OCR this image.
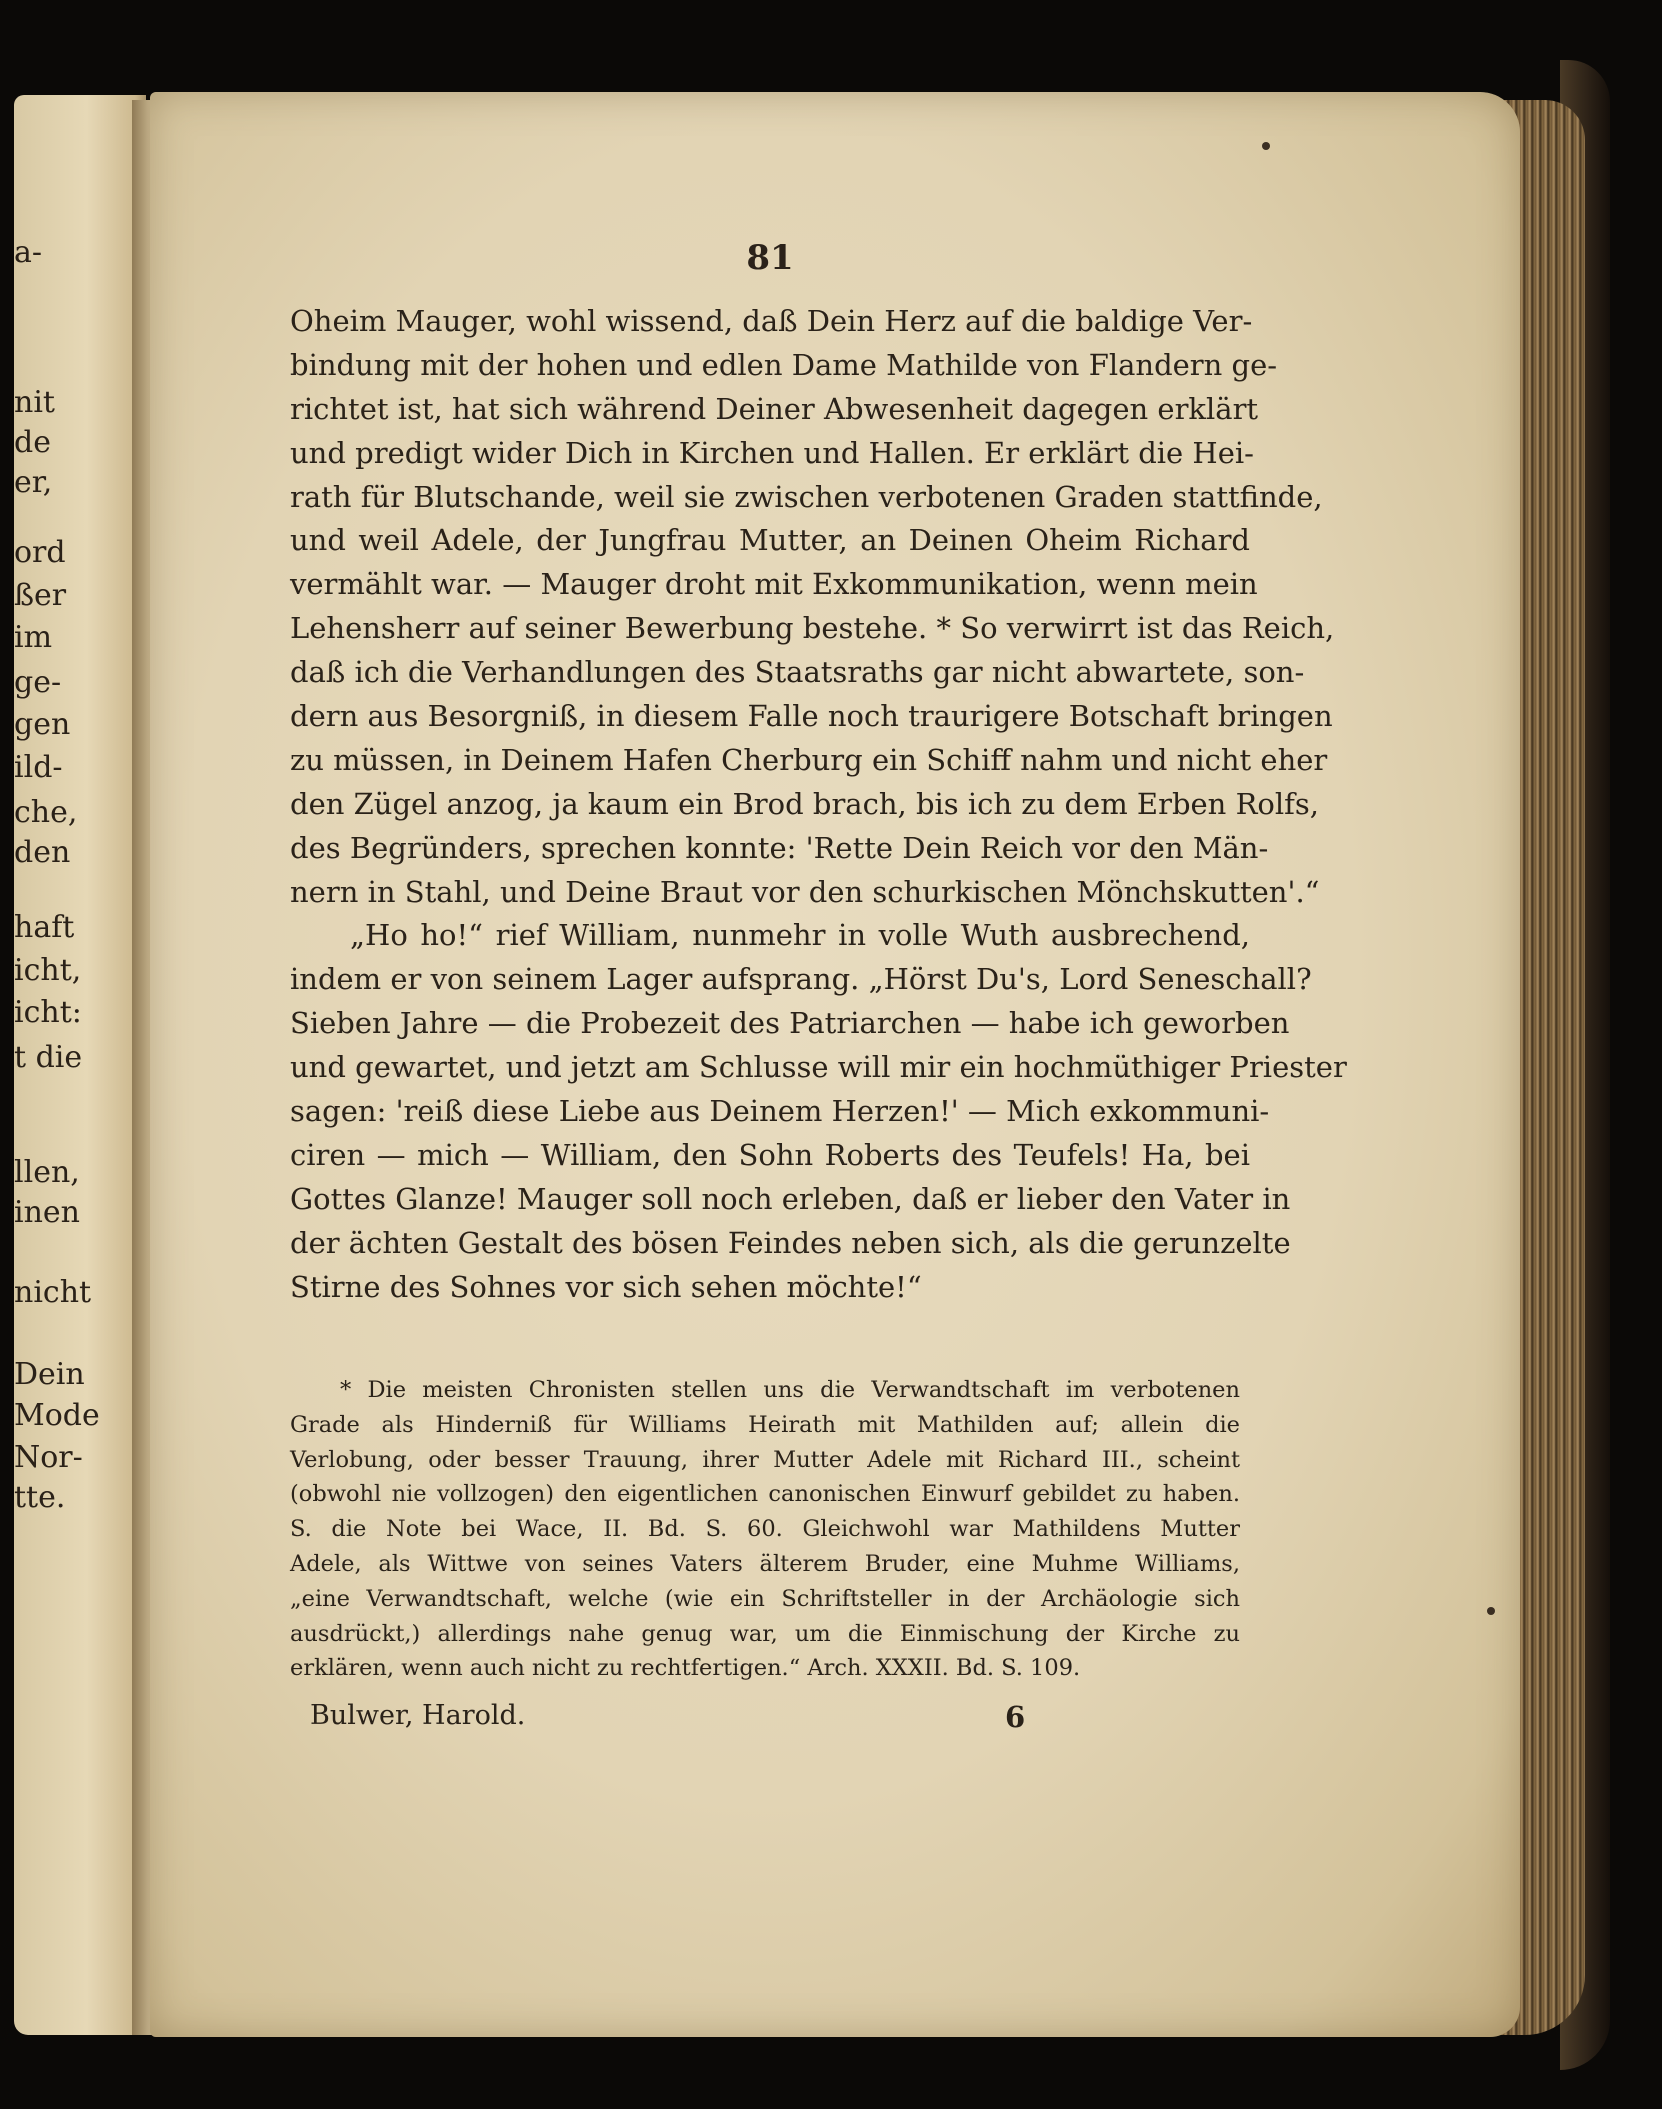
a-
nit
de
er,
ord
ßer
im
ge-
gen
ild-
che,
den
haft
icht,
icht:
t die
llen,
inen
nicht
Dein
Mode
Nor-
tte.
81
Oheim Mauger, wohl wissend, daß Dein Herz auf die baldige Ver-
bindung mit der hohen und edlen Dame Mathilde von Flandern ge-
richtet ist, hat sich während Deiner Abwesenheit dagegen erklärt
und predigt wider Dich in Kirchen und Hallen. Er erklärt die Hei-
rath für Blutschande, weil sie zwischen verbotenen Graden stattfinde,
und weil Adele, der Jungfrau Mutter, an Deinen Oheim Richard
vermählt war. — Mauger droht mit Exkommunikation, wenn mein
Lehensherr auf seiner Bewerbung bestehe. * So verwirrt ist das Reich,
daß ich die Verhandlungen des Staatsraths gar nicht abwartete, son-
dern aus Besorgniß, in diesem Falle noch traurigere Botschaft bringen
zu müssen, in Deinem Hafen Cherburg ein Schiff nahm und nicht eher
den Zügel anzog, ja kaum ein Brod brach, bis ich zu dem Erben Rolfs,
des Begründers, sprechen konnte: 'Rette Dein Reich vor den Män-
nern in Stahl, und Deine Braut vor den schurkischen Mönchskutten'.“
„Ho ho!“ rief William, nunmehr in volle Wuth ausbrechend,
indem er von seinem Lager aufsprang. „Hörst Du's, Lord Seneschall?
Sieben Jahre — die Probezeit des Patriarchen — habe ich geworben
und gewartet, und jetzt am Schlusse will mir ein hochmüthiger Priester
sagen: 'reiß diese Liebe aus Deinem Herzen!' — Mich exkommuni-
ciren — mich — William, den Sohn Roberts des Teufels! Ha, bei
Gottes Glanze! Mauger soll noch erleben, daß er lieber den Vater in
der ächten Gestalt des bösen Feindes neben sich, als die gerunzelte
Stirne des Sohnes vor sich sehen möchte!“
* Die meisten Chronisten stellen uns die Verwandtschaft im verbotenen
Grade als Hinderniß für Williams Heirath mit Mathilden auf; allein die
Verlobung, oder besser Trauung, ihrer Mutter Adele mit Richard III., scheint
(obwohl nie vollzogen) den eigentlichen canonischen Einwurf gebildet zu haben.
S. die Note bei Wace, II. Bd. S. 60. Gleichwohl war Mathildens Mutter
Adele, als Wittwe von seines Vaters älterem Bruder, eine Muhme Williams,
„eine Verwandtschaft, welche (wie ein Schriftsteller in der Archäologie sich
ausdrückt,) allerdings nahe genug war, um die Einmischung der Kirche zu
erklären, wenn auch nicht zu rechtfertigen.“ Arch. XXXII. Bd. S. 109.
Bulwer, Harold.	6
